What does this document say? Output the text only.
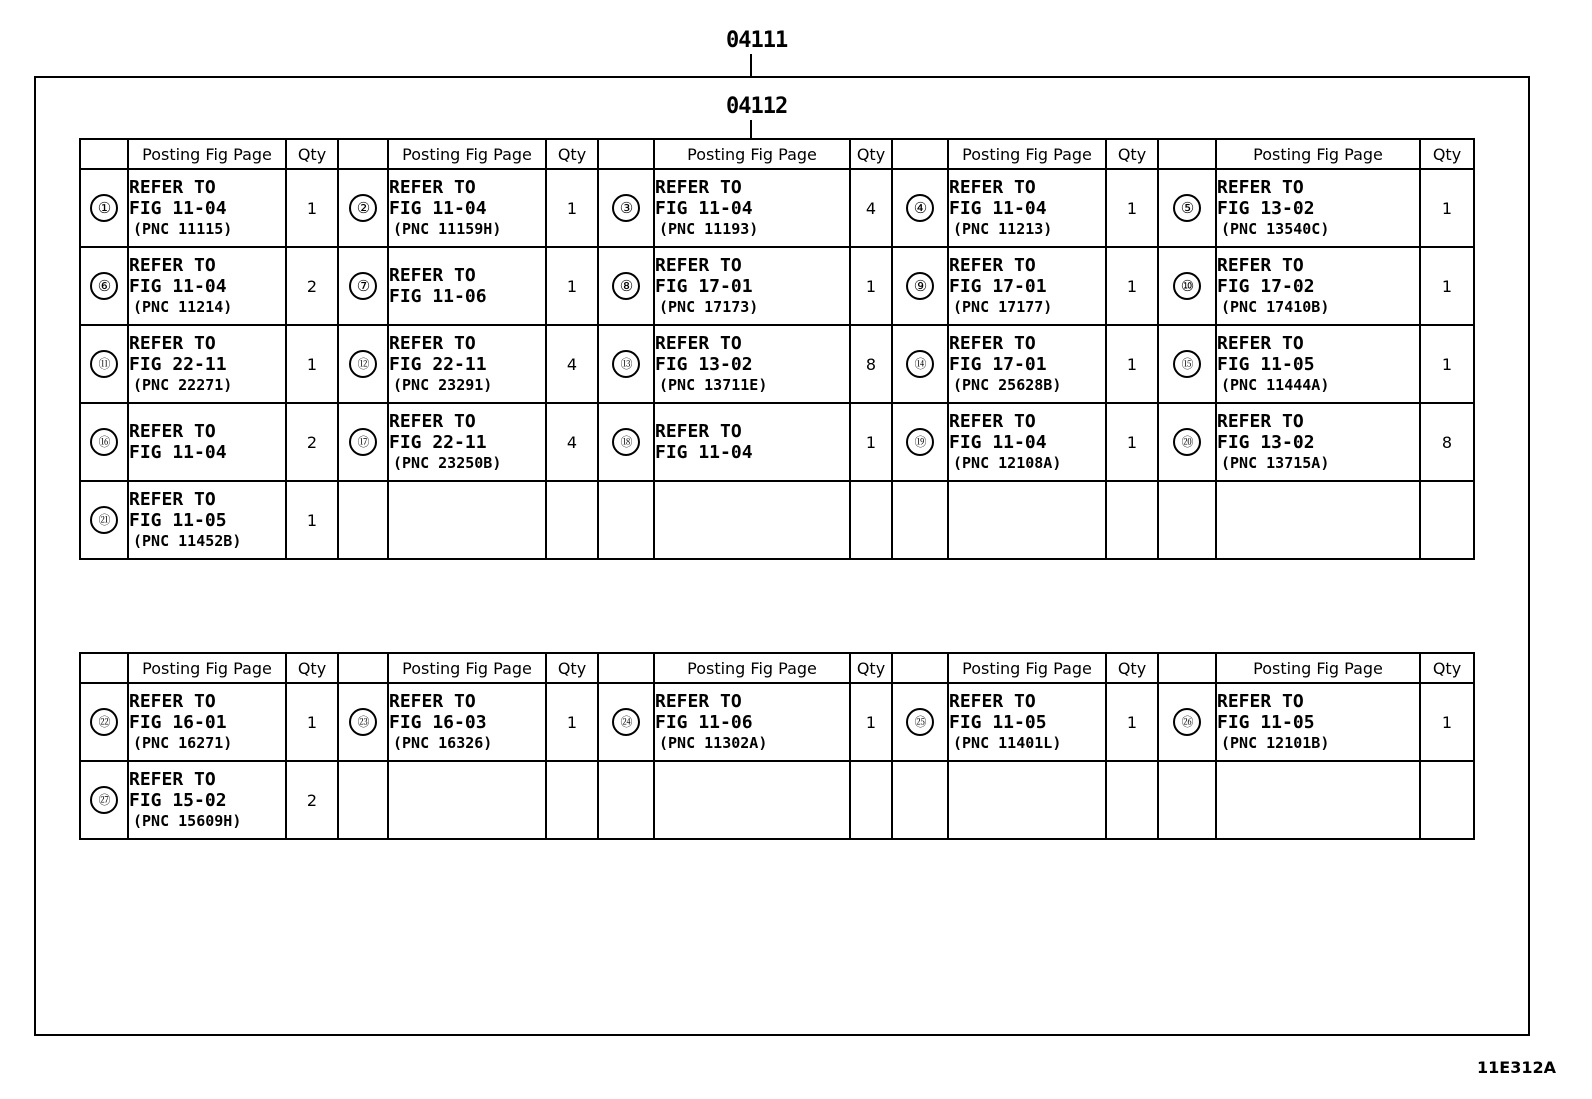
04111
04112
	Posting Fig Page	Qty		Posting Fig Page	Qty		Posting Fig Page	Qty		Posting Fig Page	Qty		Posting Fig Page	Qty
①	REFER TO
FIG 11-04
(PNC 11115)	1	②	REFER TO
FIG 11-04
(PNC 11159H)	1	③	REFER TO
FIG 11-04
(PNC 11193)	4	④	REFER TO
FIG 11-04
(PNC 11213)	1	⑤	REFER TO
FIG 13-02
(PNC 13540C)	1
⑥	REFER TO
FIG 11-04
(PNC 11214)	2	⑦	REFER TO
FIG 11-06	1	⑧	REFER TO
FIG 17-01
(PNC 17173)	1	⑨	REFER TO
FIG 17-01
(PNC 17177)	1	⑩	REFER TO
FIG 17-02
(PNC 17410B)	1
⑪	REFER TO
FIG 22-11
(PNC 22271)	1	⑫	REFER TO
FIG 22-11
(PNC 23291)	4	⑬	REFER TO
FIG 13-02
(PNC 13711E)	8	⑭	REFER TO
FIG 17-01
(PNC 25628B)	1	⑮	REFER TO
FIG 11-05
(PNC 11444A)	1
⑯	REFER TO
FIG 11-04	2	⑰	REFER TO
FIG 22-11
(PNC 23250B)	4	⑱	REFER TO
FIG 11-04	1	⑲	REFER TO
FIG 11-04
(PNC 12108A)	1	⑳	REFER TO
FIG 13-02
(PNC 13715A)	8
㉑	REFER TO
FIG 11-05
(PNC 11452B)	1												
	Posting Fig Page	Qty		Posting Fig Page	Qty		Posting Fig Page	Qty		Posting Fig Page	Qty		Posting Fig Page	Qty
㉒	REFER TO
FIG 16-01
(PNC 16271)	1	㉓	REFER TO
FIG 16-03
(PNC 16326)	1	㉔	REFER TO
FIG 11-06
(PNC 11302A)	1	㉕	REFER TO
FIG 11-05
(PNC 11401L)	1	㉖	REFER TO
FIG 11-05
(PNC 12101B)	1
㉗	REFER TO
FIG 15-02
(PNC 15609H)	2												
11E312A
